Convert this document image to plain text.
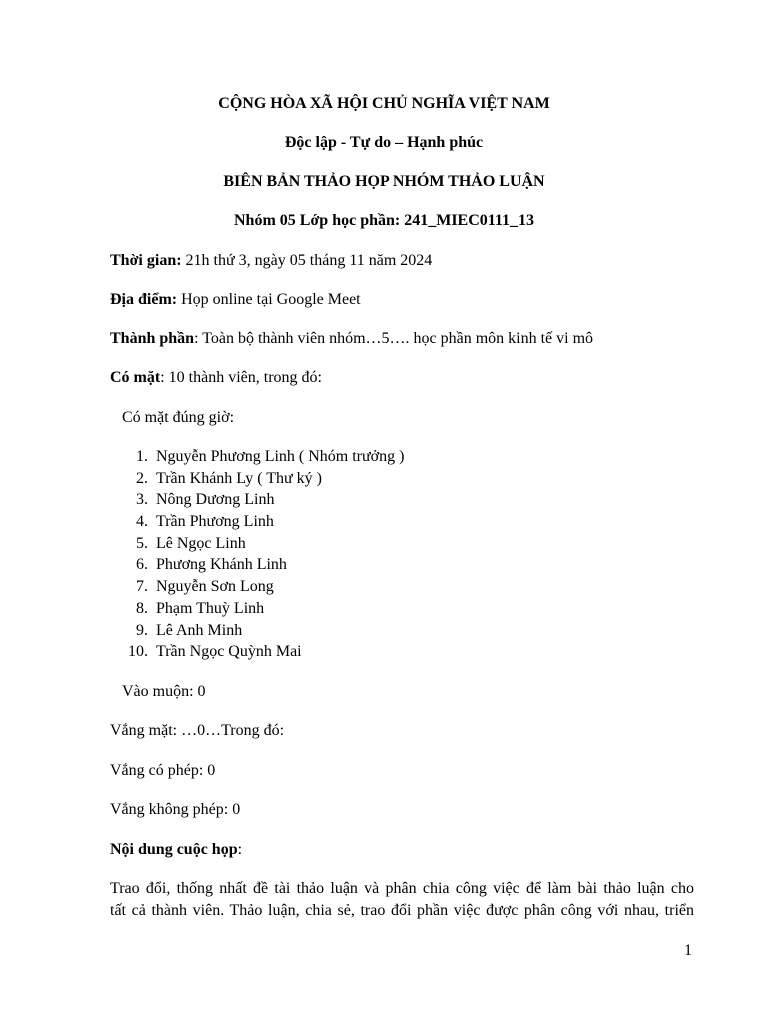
CỘNG HÒA XÃ HỘI CHỦ NGHĨA VIỆT NAM
Độc lập - Tự do – Hạnh phúc
BIÊN BẢN THẢO HỌP NHÓM THẢO LUẬN
Nhóm 05 Lớp học phần: 241_MIEC0111_13
Thời gian: 21h thứ 3, ngày 05 tháng 11 năm 2024
Địa điểm: Họp online tại Google Meet
Thành phần: Toàn bộ thành viên nhóm…5…. học phần môn kinh tế vi mô
Có mặt: 10 thành viên, trong đó:
Có mặt đúng giờ:
1. Nguyễn Phương Linh ( Nhóm trưởng )
2. Trần Khánh Ly ( Thư ký )
3. Nông Dương Linh
4. Trần Phương Linh
5. Lê Ngọc Linh
6. Phương Khánh Linh
7. Nguyễn Sơn Long
8. Phạm Thuỳ Linh
9. Lê Anh Minh
10. Trần Ngọc Quỳnh Mai
Vào muộn: 0
Vắng mặt: …0…Trong đó:
Vắng có phép: 0
Vắng không phép: 0
Nội dung cuộc họp:
Trao đổi, thống nhất đề tài thảo luận và phân chia công việc để làm bài thảo luận cho
tất cả thành viên. Thảo luận, chia sẻ, trao đổi phần việc được phân công với nhau, triển
1
